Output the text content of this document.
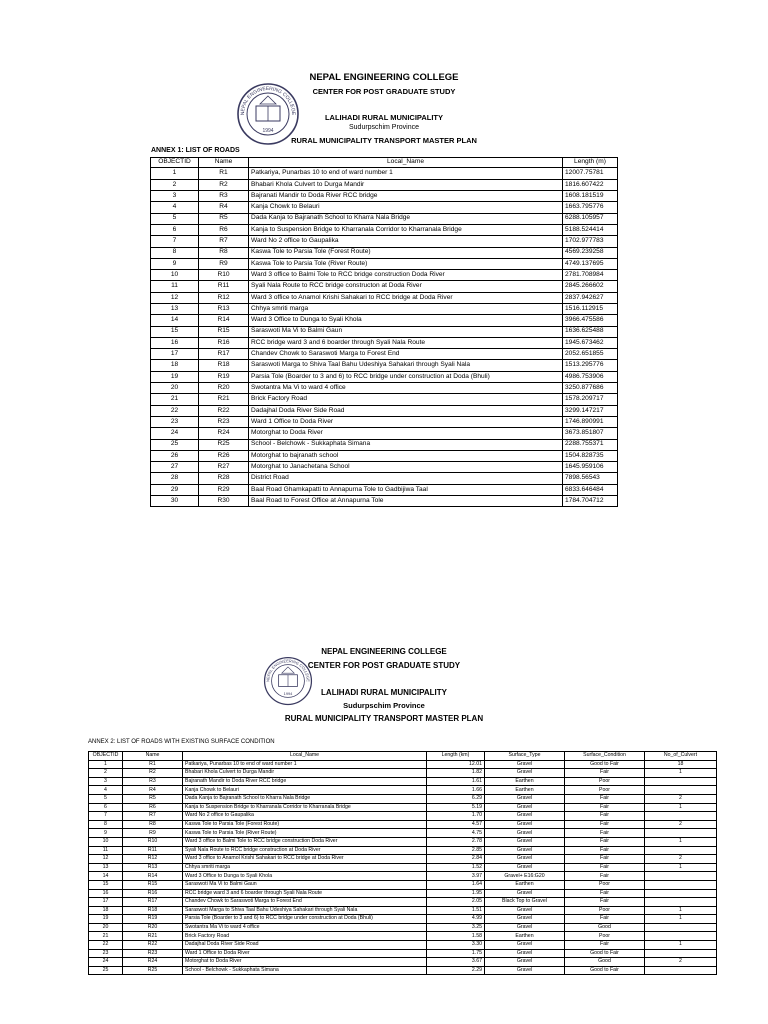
NEPAL ENGINEERING COLLEGE
1994
NEPAL ENGINEERING COLLEGE
CENTER FOR POST GRADUATE STUDY
LALIHADI RURAL MUNICIPALITY
Sudurpschim Province
RURAL MUNICIPALITY TRANSPORT MASTER PLAN
ANNEX 1: LIST OF ROADS
OBJECTID	Name	Local_Name	Length (m)
1	R1	Patkariya, Punarbas 10 to end of ward number 1	12007.75781
2	R2	Bhabari Khola Culvert to Durga Mandir	1816.607422
3	R3	Bajranati Mandir to Doda River RCC bridge	1608.181519
4	R4	Kanja Chowk to Belauri	1663.795776
5	R5	Dada Kanja to Bajranath School to Kharra Nala Bridge	6288.105957
6	R6	Kanja to Suspension Bridge to Kharranala Corridor to Kharranala Bridge	5188.524414
7	R7	Ward No 2 office to Gaupalika	1702.977783
8	R8	Kaswa Tole to Parsia Tole (Forest Route)	4569.239258
9	R9	Kaswa Tole to Parsia Tole (River Route)	4749.137695
10	R10	Ward 3 office to Balmi Tole to RCC bridge construction Doda River	2781.708984
11	R11	Syali Nala Route to RCC bridge constructon at Doda River	2845.266602
12	R12	Ward 3 office to Anamol Krishi Sahakari to RCC bridge at Doda River	2837.942627
13	R13	Chhya smriti marga	1516.112915
14	R14	Ward 3 Office to Dunga to Syali Khola	3966.475586
15	R15	Saraswoti Ma Vi to Balmi Gaun	1636.625488
16	R16	RCC bridge ward 3 and 6 boarder through Syali Nala Route	1945.673462
17	R17	Chandev Chowk to Saraswoti Marga to Forest End	2052.651855
18	R18	Saraswoti Marga to Shiva Taal Bahu Udeshiya Sahakari through Syali Nala	1513.295776
19	R19	Parsia Tole (Boarder to 3 and 6) to RCC bridge under construction at Doda (Bhuli)	4986.753906
20	R20	Swotantra Ma Vi to ward 4 office	3250.877686
21	R21	Brick Factory Road	1578.209717
22	R22	Dadajhal Doda River Side Road	3299.147217
23	R23	Ward 1 Office to Doda River	1746.890991
24	R24	Motorghat to Doda River	3673.851807
25	R25	School - Belchowk - Sukkaphata Simana	2288.755371
26	R26	Motorghat to bajranath school	1504.828735
27	R27	Motorghat to Janachetana School	1645.959106
28	R28	District Road	7898.56543
29	R29	Baal Road Ghamkapatti to Annapurna Tole to Gadbijiwa Taal	6833.646484
30	R30	Baal Road to Forest Office at Annapurna Tole	1784.704712
NEPAL ENGINEERING COLLEGE
1994
NEPAL ENGINEERING COLLEGE
CENTER FOR POST GRADUATE STUDY
LALIHADI RURAL MUNICIPALITY
Sudurpschim Province
RURAL MUNICIPALITY TRANSPORT MASTER PLAN
ANNEX 2: LIST OF ROADS WITH EXISTING SURFACE CONDITION
OBJECTID	Name	Local_Name	Length (km)	Surface_Type	Surface_Condition	No_of_Culvert
1	R1	Patkariya, Punarbas 10 to end of ward number 1	12.01	Gravel	Good to Fair	18
2	R2	Bhabari Khola Culvert to Durga Mandir	1.82	Gravel	Fair	1
3	R3	Bajranath Mandir to Doda River RCC bridge	1.61	Earthen	Poor	
4	R4	Kanja Chowk to Belauri	1.66	Earthen	Poor	
5	R5	Dada Kanja to Bajranath School to Kharra Nala Bridge	6.29	Gravel	Fair	2
6	R6	Kanja to Suspension Bridge to Kharranala Corridor to Kharranala Bridge	5.19	Gravel	Fair	1
7	R7	Ward No 2 office to Gaupalika	1.70	Gravel	Fair	
8	R8	Kaswa Tole to Parsia Tole (Forest Route)	4.57	Gravel	Fair	2
9	R9	Kaswa Tole to Parsia Tole (River Route)	4.75	Gravel	Fair	
10	R10	Ward 3 office to Balmi Tole to RCC bridge construction Doda River	2.78	Gravel	Fair	1
11	R11	Syali Nala Route to RCC bridge construction at Doda River	2.85	Gravel	Fair	
12	R12	Ward 3 office to Anamol Krishi Sahakari to RCC bridge at Doda River	2.84	Gravel	Fair	2
13	R13	Chhya smriti marga	1.52	Gravel	Fair	1
14	R14	Ward 3 Office to Dunga to Syali Khola	3.97	Gravel+ E16:G20	Fair	
15	R15	Saraswoti Ma Vi to Balmi Gaun	1.64	Earthen	Poor	
16	R16	RCC bridge ward 3 and 6 boarder through Syali Nala Route	1.95	Gravel	Fair	
17	R17	Chandev Chowk to Saraswoti Marga to Forest End	2.05	Black Top to Gravel	Fair	
18	R18	Saraswoti Marga to Shiva Taal Bahu Udeshiya Sahakari through Syali Nala	1.51	Gravel	Poor	1
19	R19	Parsia Tole (Boarder to 3 and 6) to RCC bridge under construction at Doda (Bhuli)	4.99	Gravel	Fair	1
20	R20	Swotantra Ma Vi to ward 4 office	3.25	Gravel	Good	
21	R21	Brick Factory Road	1.58	Earthen	Poor	
22	R22	Dadajhal Doda River Side Road	3.30	Gravel	Fair	1
23	R23	Ward 1 Office to Doda River	1.75	Gravel	Good to Fair	
24	R24	Motorghat to Doda River	3.67	Gravel	Good	2
25	R25	School - Belchowk - Sukkaphata Simana	2.29	Gravel	Good to Fair	
